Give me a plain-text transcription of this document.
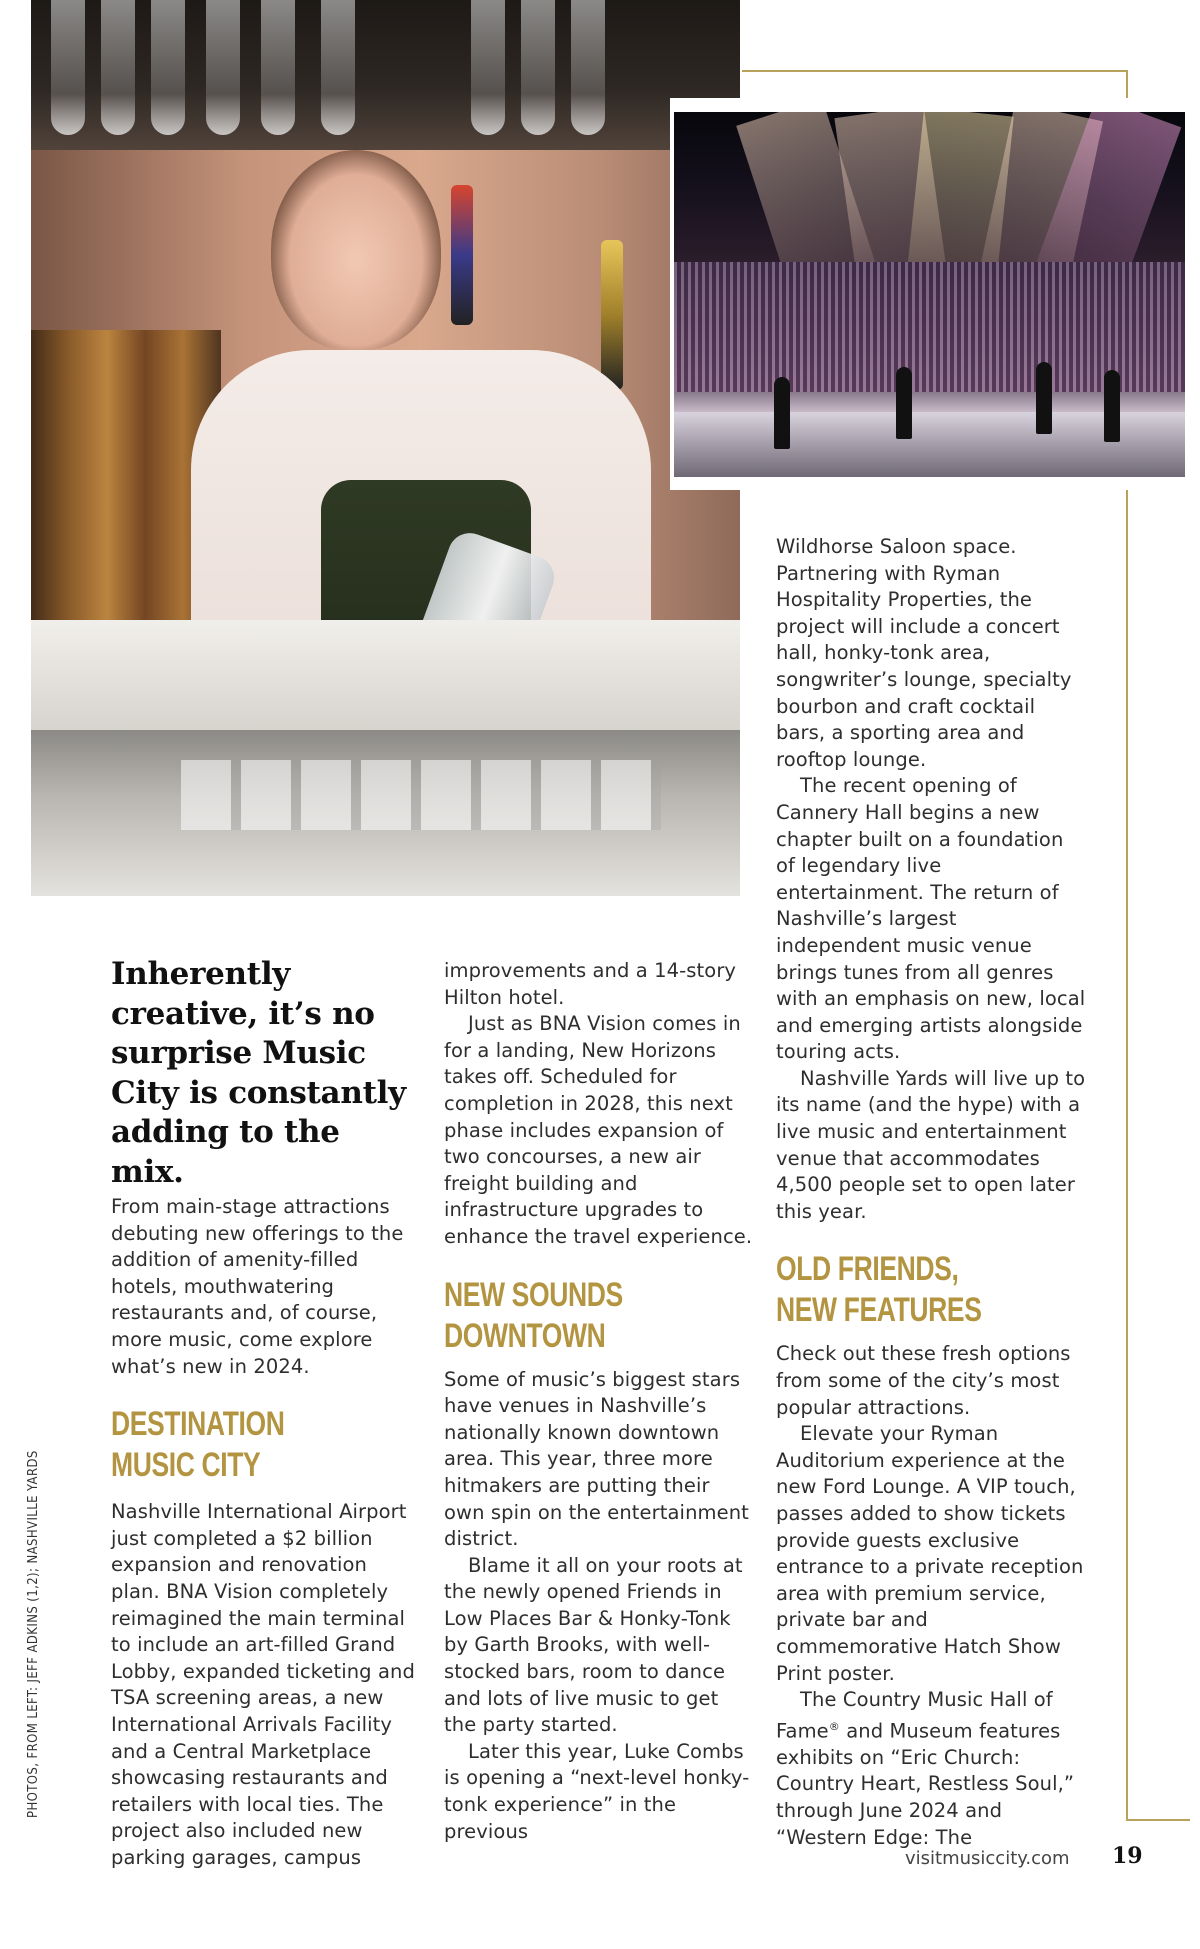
PHOTOS, FROM LEFT: JEFF ADKINS (1,2); NASHVILLE YARDS
Inherently creative, it’s no surprise Music City is constantly adding to the mix.

From main-stage attractions debuting new offerings to the addition of amenity-filled hotels, mouthwatering restaurants and, of course, more music, come explore what’s new in 2024.

DESTINATION
MUSIC CITY

Nashville International Airport just completed a $2 billion expansion and renovation plan. BNA Vision completely reimagined the main terminal to include an art-filled Grand Lobby, expanded ticketing and TSA screening areas, a new International Arrivals Facility and a Central Marketplace showcasing restaurants and retailers with local ties. The project also included new parking garages, campus

improvements and a 14-story Hilton hotel.

Just as BNA Vision comes in for a landing, New Horizons takes off. Scheduled for completion in 2028, this next phase includes expansion of two concourses, a new air freight building and infrastructure upgrades to enhance the travel experience.

NEW SOUNDS
DOWNTOWN

Some of music’s biggest stars have venues in Nashville’s nationally known downtown area. This year, three more hitmakers are putting their own spin on the entertainment district.

Blame it all on your roots at the newly opened Friends in Low Places Bar & Honky-Tonk by Garth Brooks, with well-stocked bars, room to dance and lots of live music to get the party started.

Later this year, Luke Combs is opening a “next-level honky-tonk experience” in the previous

Wildhorse Saloon space. Partnering with Ryman Hospitality Properties, the project will include a concert hall, honky-tonk area, songwriter’s lounge, specialty bourbon and craft cocktail bars, a sporting area and rooftop lounge.

The recent opening of Cannery Hall begins a new chapter built on a foundation of legendary live entertainment. The return of Nashville’s largest independent music venue brings tunes from all genres with an emphasis on new, local and emerging artists alongside touring acts.

Nashville Yards will live up to its name (and the hype) with a live music and entertainment venue that accommodates 4,500 people set to open later this year.

OLD FRIENDS,
NEW FEATURES

Check out these fresh options from some of the city’s most popular attractions.

Elevate your Ryman Auditorium experience at the new Ford Lounge. A VIP touch, passes added to show tickets provide guests exclusive entrance to a private reception area with premium service, private bar and commemorative Hatch Show Print poster.

The Country Music Hall of Fame® and Museum features exhibits on “Eric Church: Country Heart, Restless Soul,” through June 2024 and “Western Edge: The

visitmusiccity.com 19
